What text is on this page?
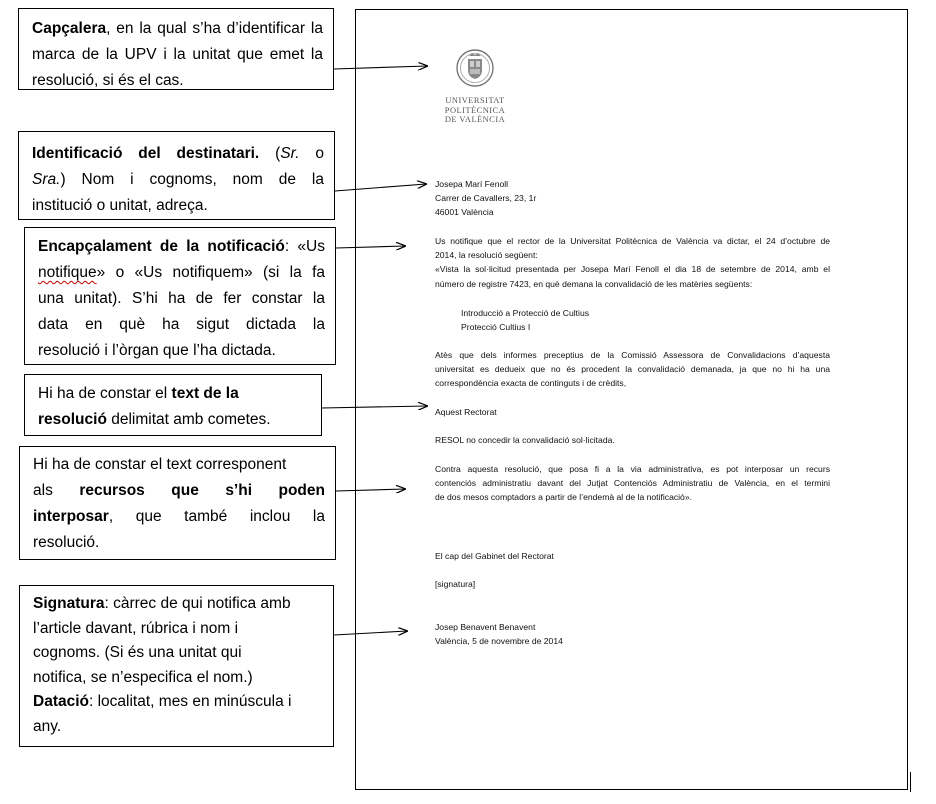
Capçalera, en la qual s’ha d’identificar la
marca de la UPV i la unitat que emet la
resolució, si és el cas.
Identificació del destinatari. (Sr. o
Sra.) Nom i cognoms, nom de la
institució o unitat, adreça.
Encapçalament de la notificació: «Us
notifique» o «Us notifiquem» (si la fa
una unitat). S’hi ha de fer constar la
data en què ha sigut dictada la
resolució i l’òrgan que l’ha dictada.
Hi ha de constar el text de la
resolució delimitat amb cometes.
Hi ha de constar el text corresponent
als recursos que s’hi poden
interposar, que també inclou la
resolució.
Signatura: càrrec de qui notifica amb
l’article davant, rúbrica i nom i
cognoms. (Si és una unitat qui
notifica, se n’especifica el nom.)
Datació: localitat, mes en minúscula i
any.
UNIVERSITAT
POLITÈCNICA
DE VALÈNCIA
Josepa Marí Fenoll
Carrer de Cavallers, 23, 1r
46001 València
Us notifique que el rector de la Universitat Politècnica de València va dictar, el 24 d’octubre de
2014, la resolució següent:
«Vista la sol·licitud presentada per Josepa Marí Fenoll el dia 18 de setembre de 2014, amb el
número de registre 7423, en què demana la convalidació de les matèries següents:
Introducció a Protecció de Cultius
Protecció Cultius I
Atès que dels informes preceptius de la Comissió Assessora de Convalidacions d’aquesta
universitat es dedueix que no és procedent la convalidació demanada, ja que no hi ha una
correspondència exacta de continguts i de crèdits,
Aquest Rectorat
RESOL no concedir la convalidació sol·licitada.
Contra aquesta resolució, que posa fi a la via administrativa, es pot interposar un recurs
contenciós administratiu davant del Jutjat Contenciós Administratiu de València, en el termini
de dos mesos comptadors a partir de l’endemà al de la notificació».
El cap del Gabinet del Rectorat
[signatura]
Josep Benavent Benavent
València, 5 de novembre de 2014
